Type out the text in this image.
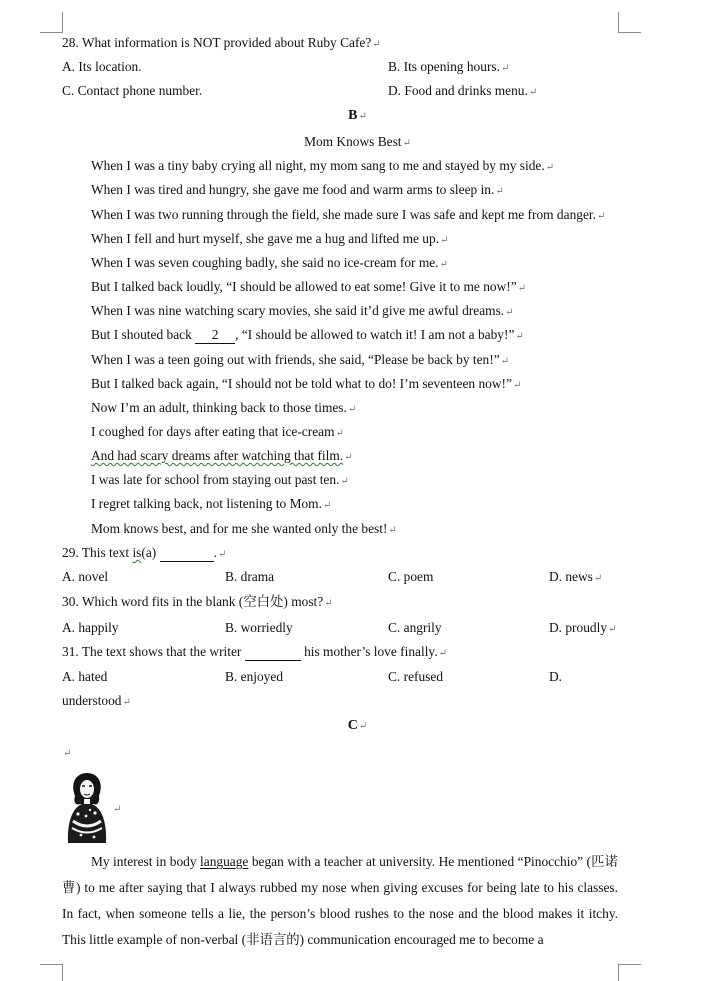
28. What information is NOT provided about Ruby Cafe?↵
A. Its location.	B. Its opening hours.↵
C. Contact phone number.	D. Food and drinks menu.↵
B↵
Mom Knows Best↵
When I was a tiny baby crying all night, my mom sang to me and stayed by my side.↵
When I was tired and hungry, she gave me food and warm arms to sleep in.↵
When I was two running through the field, she made sure I was safe and kept me from danger.↵
When I fell and hurt myself, she gave me a hug and lifted me up.↵
When I was seven coughing badly, she said no ice-cream for me.↵
But I talked back loudly, “I should be allowed to eat some! Give it to me now!”↵
When I was nine watching scary movies, she said it’d give me awful dreams.↵
But I shouted back 2 , “I should be allowed to watch it! I am not a baby!”↵
When I was a teen going out with friends, she said, “Please be back by ten!”↵
But I talked back again, “I should not be told what to do! I’m seventeen now!”↵
Now I’m an adult, thinking back to those times.↵
I coughed for days after eating that ice-cream↵
And had scary dreams after watching that film.↵
I was late for school from staying out past ten.↵
I regret talking back, not listening to Mom.↵
Mom knows best, and for me she wanted only the best!↵
29. This text is(a)	.↵
A. novel	B. drama	C. poem	D. news↵
30. Which word fits in the blank (空白处) most?↵
A. happily	B. worriedly	C. angrily	D. proudly↵
31. The text shows that the writer	his mother’s love finally.↵
A. hated	B. enjoyed	C. refused	D.
understood↵
C↵
↵
↵
My interest in body language began with a teacher at university. He mentioned “Pinocchio” (匹诺曹) to me after saying that I always rubbed my nose when giving excuses for being late to his classes. In fact, when someone tells a lie, the person’s blood rushes to the nose and the blood makes it itchy. This little example of non-verbal (非语言的) communication encouraged me to become a
